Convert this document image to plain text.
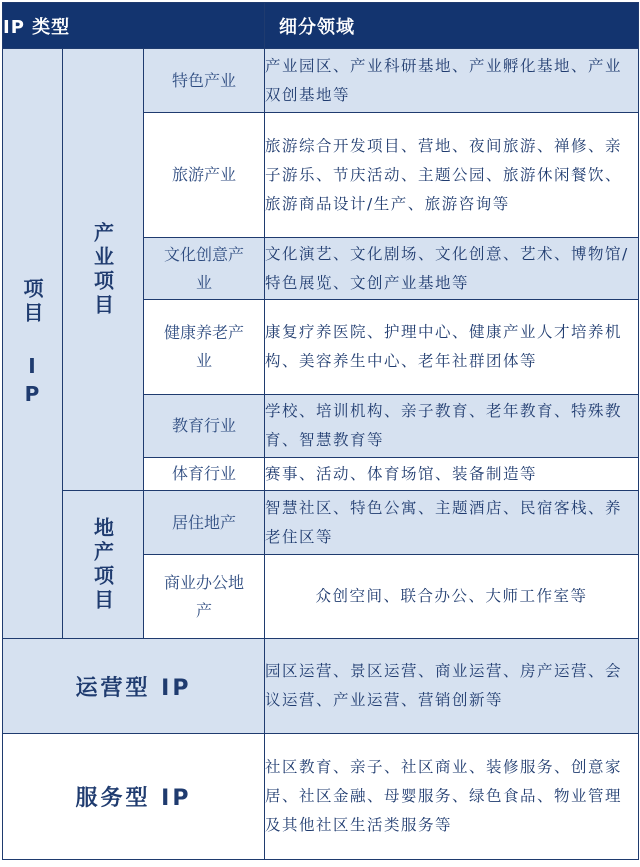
IP 类型			细分领域

项目 IP	产业项目	特色产业	产业园区、产业科研基地、产业孵化基地、产业双创基地等
		旅游产业	旅游综合开发项目、营地、夜间旅游、禅修、亲子游乐、节庆活动、主题公园、旅游休闲餐饮、旅游商品设计/生产、旅游咨询等
		文化创意产业	文化演艺、文化剧场、文化创意、艺术、博物馆/特色展览、文创产业基地等
		健康养老产业	康复疗养医院、护理中心、健康产业人才培养机构、美容养生中心、老年社群团体等
		教育行业	学校、培训机构、亲子教育、老年教育、特殊教育、智慧教育等
		体育行业	赛事、活动、体育场馆、装备制造等

	地产项目	居住地产	智慧社区、特色公寓、主题酒店、民宿客栈、养老住区等
		商业办公地产	众创空间、联合办公、大师工作室等
运营型 IP			园区运营、景区运营、商业运营、房产运营、会议运营、产业运营、营销创新等
服务型 IP			社区教育、亲子、社区商业、装修服务、创意家居、社区金融、母婴服务、绿色食品、物业管理及其他社区生活类服务等
